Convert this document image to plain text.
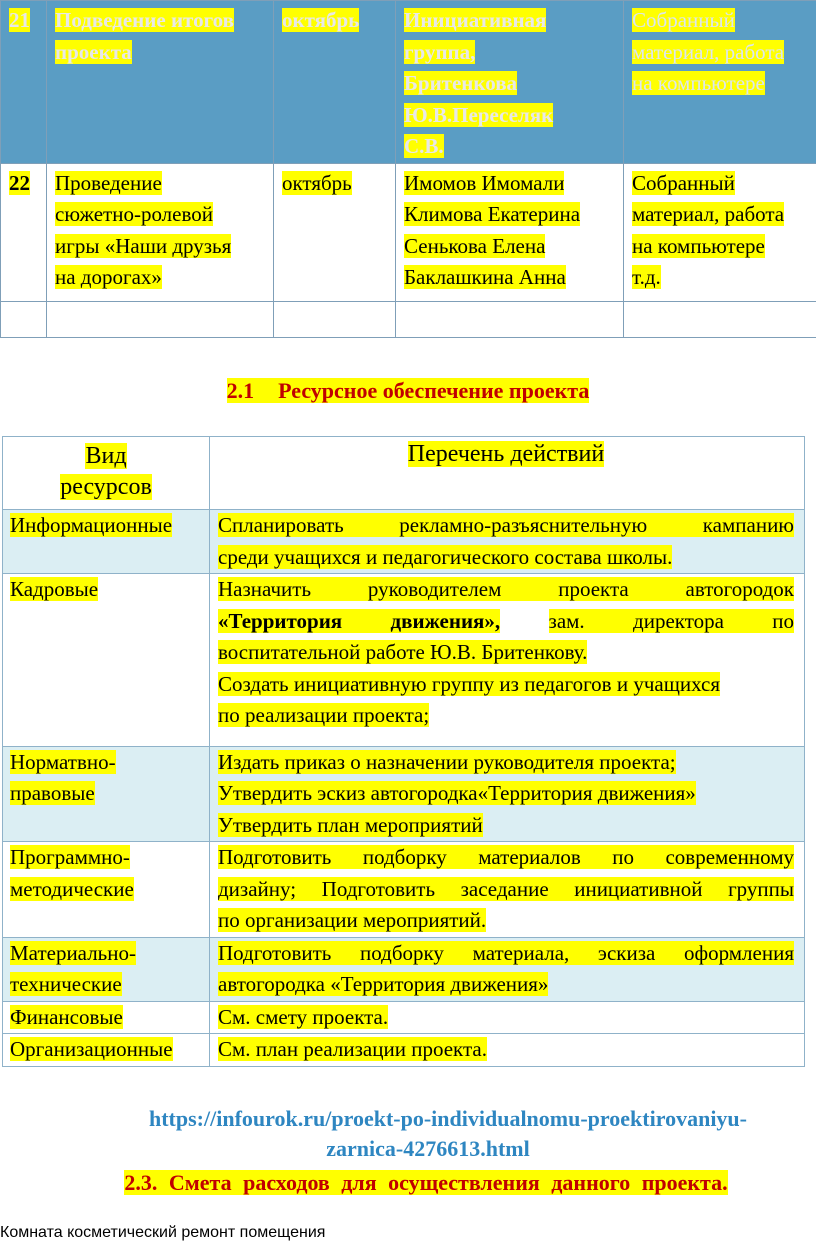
21	Подведение итогов
проекта	октябрь	Инициативная
группа,
Бритенкова
Ю.В.Переселяк
С.В.	Собранный
материал, работа
на компьютере
22	Проведение
сюжетно-ролевой
игры «Наши друзья
на дорогах»	октябрь	Имомов Имомали
Климова Екатерина
Сенькова Елена
Баклашкина Анна	Собранный
материал, работа
на компьютере
т.д.

2.1 Ресурсное обеспечение проекта
Вид
ресурсов	Перечень действий
Информационные	Спланировать рекламно-разъяснительную кампанию
среди учащихся и педагогического состава школы.

Кадровые	Назначить руководителем проекта автогородок
«Территория движения», зам. директора по
воспитательной работе Ю.В. Бритенкову.
Создать инициативную группу из педагогов и учащихся
по реализации проекта;

Норматвно-
правовые	Издать приказ о назначении руководителя проекта;
Утвердить эскиз автогородка«Территория движения»
Утвердить план мероприятий

Программно-
методические	Подготовить подборку материалов по современному
дизайну; Подготовить заседание инициативной группы
по организации мероприятий.

Материально-
технические	Подготовить подборку материала, эскиза оформления
автогородка «Территория движения»

Финансовые	См. смету проекта.

Организационные	См. план реализации проекта.
https://infourok.ru/proekt-po-individualnomu-proektirovaniyu-
zarnica-4276613.html
2.3. Смета расходов для осуществления данного проекта.
Комната косметический ремонт помещения
